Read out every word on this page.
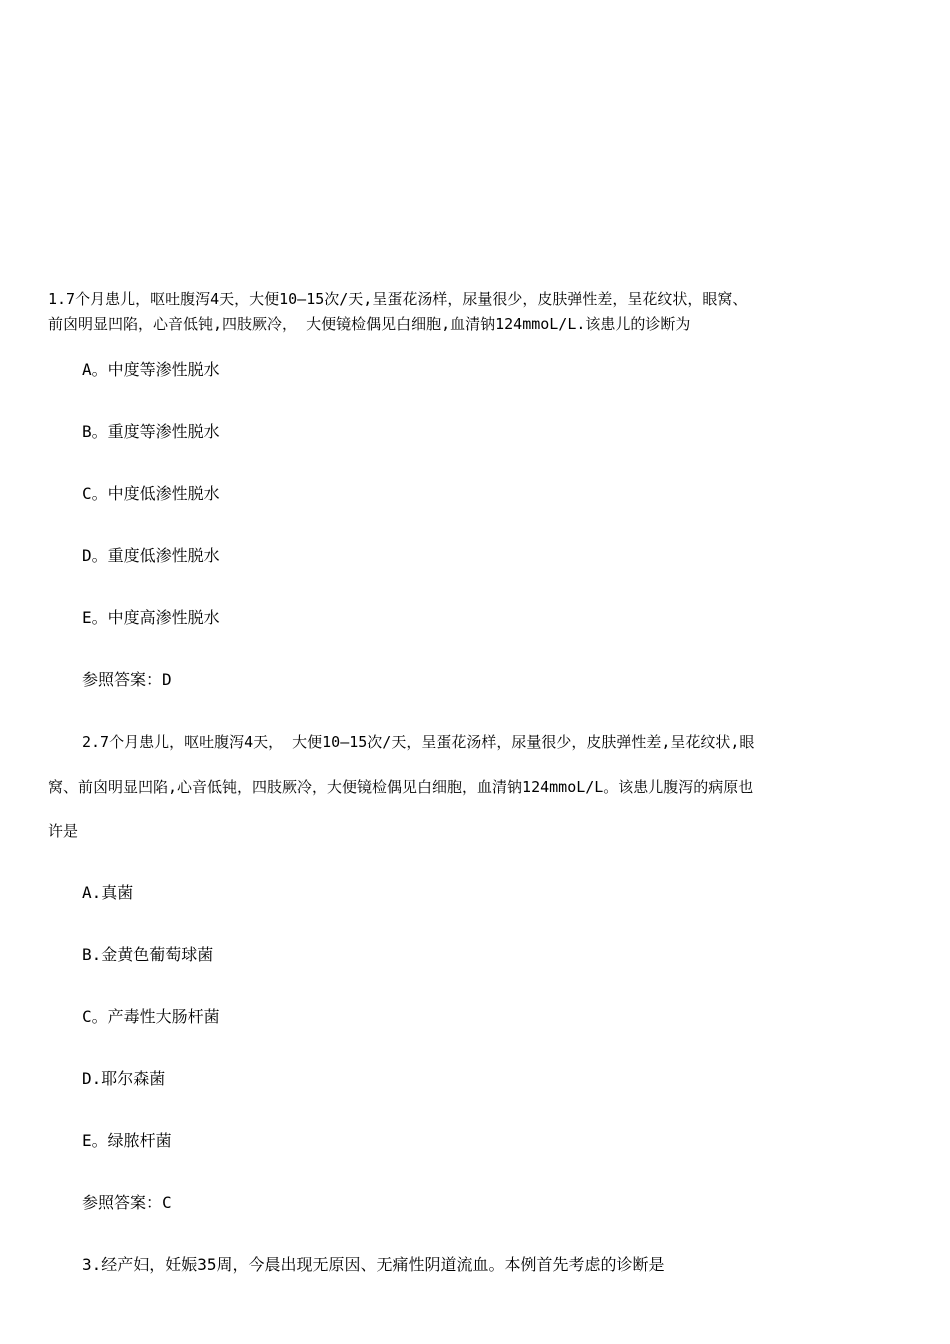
1.7个月患儿，呕吐腹泻4天，大便10—15次/天,呈蛋花汤样，尿量很少，皮肤弹性差，呈花纹状，眼窝、
前囟明显凹陷，心音低钝,四肢厥冷， 大便镜检偶见白细胞,血清钠124mmoL/L.该患儿的诊断为
A。中度等渗性脱水
B。重度等渗性脱水
C。中度低渗性脱水
D。重度低渗性脱水
E。中度高渗性脱水
参照答案：D
2.7个月患儿，呕吐腹泻4天， 大便10—15次/天，呈蛋花汤样，尿量很少，皮肤弹性差,呈花纹状,眼
窝、前囟明显凹陷,心音低钝，四肢厥冷，大便镜检偶见白细胞，血清钠124mmoL/L。该患儿腹泻的病原也
许是
A.真菌
B.金黄色葡萄球菌
C。产毒性大肠杆菌
D.耶尔森菌
E。绿脓杆菌
参照答案：C
3.经产妇，妊娠35周，今晨出现无原因、无痛性阴道流血。本例首先考虑的诊断是
